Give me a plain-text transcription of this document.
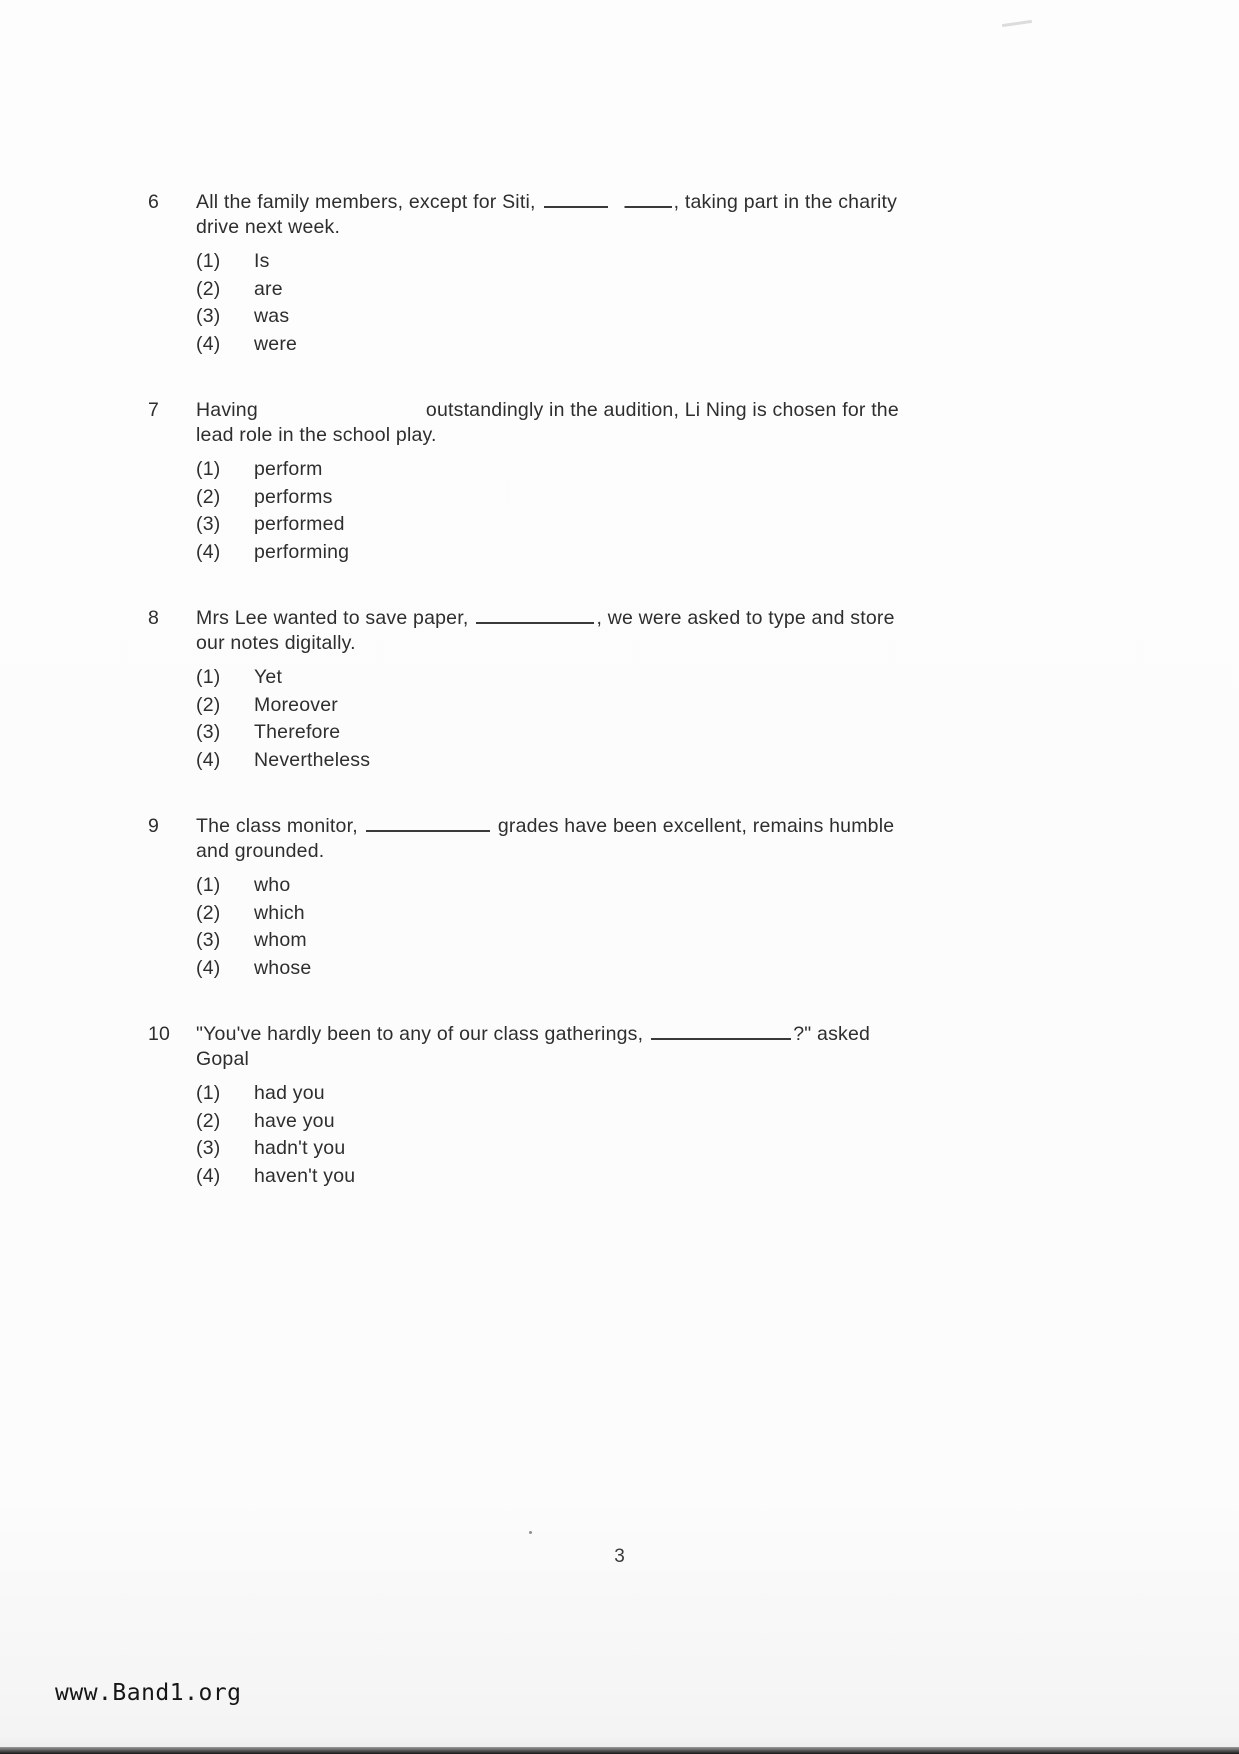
6	All the family members, except for Siti,	, taking part in the charity
drive next week.
(1)	Is
(2)	are
(3)	was
(4)	were
7	Having	outstandingly in the audition, Li Ning is chosen for the
lead role in the school play.
(1)	perform
(2)	performs
(3)	performed
(4)	performing
8	Mrs Lee wanted to save paper,	, we were asked to type and store
our notes digitally.
(1)	Yet
(2)	Moreover
(3)	Therefore
(4)	Nevertheless
9	The class monitor,	grades have been excellent, remains humble
and grounded.
(1)	who
(2)	which
(3)	whom
(4)	whose
10	"You've hardly been to any of our class gatherings,	?" asked
Gopal
(1)	had you
(2)	have you
(3)	hadn't you
(4)	haven't you
3
www.Band1.org
